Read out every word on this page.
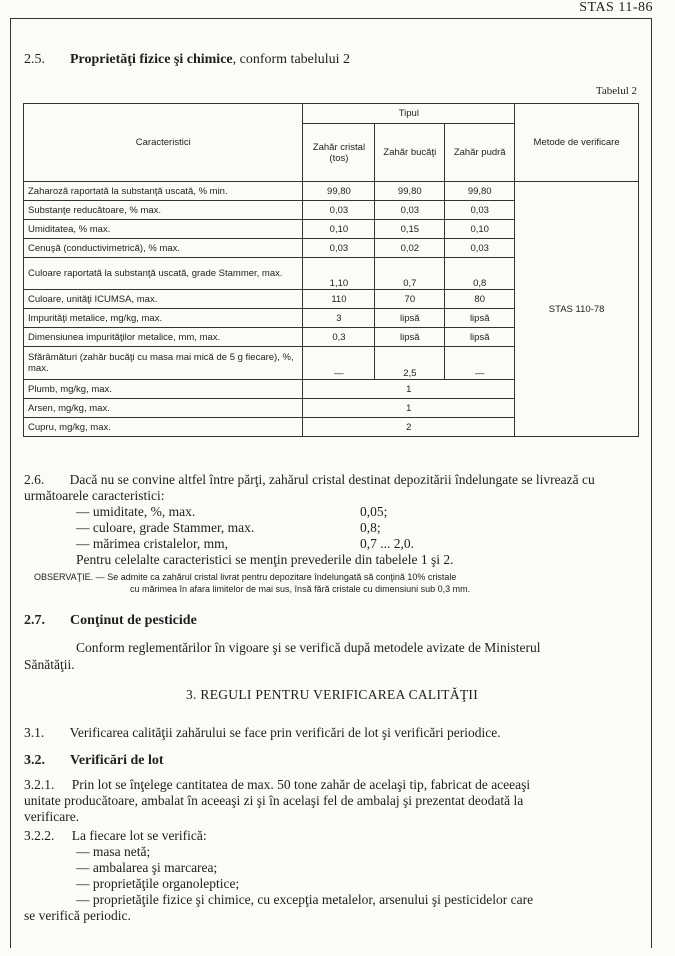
STAS 11-86
2.5. Proprietăţi fizice şi chimice, conform tabelului 2
Tabelul 2
Caracteristici	Tipul			Metode de verificare
	Zahăr cristal (tos)	Zahăr bucăţi	Zahăr pudră	
Zaharoză raportată la substanţă uscată, % min.	99,80	99,80	99,80	STAS 110-78
Substanţe reducătoare, % max.	0,03	0,03	0,03	
Umiditatea, % max.	0,10	0,15	0,10	
Cenuşă (conductivimetrică), % max.	0,03	0,02	0,03	
Culoare raportată la substanţă uscată, grade Stammer, max.	1,10	0,7	0,8	
Culoare, unităţi ICUMSA, max.	110	70	80	
Impurităţi metalice, mg/kg, max.	3	lipsă	lipsă	
Dimensiunea impurităţilor metalice, mm, max.	0,3	lipsă	lipsă	
Sfărâmături (zahăr bucăţi cu masa mai mică de 5 g fiecare), %, max.	—	2,5	—	
Plumb, mg/kg, max.	1			
Arsen, mg/kg, max.	1			
Cupru, mg/kg, max.	2			
2.6. Dacă nu se convine altfel între părţi, zahărul cristal destinat depozitării îndelungate se livrează cu următoarele caracteristici:
— umiditate, %, max.	0,05;
— culoare, grade Stammer, max.	0,8;
— mărimea cristalelor, mm,	0,7 ... 2,0.
Pentru celelalte caracteristici se menţin prevederile din tabelele 1 şi 2.
OBSERVAŢIE. — Se admite ca zahărul cristal livrat pentru depozitare îndelungată să conţină 10% cristale
cu mărimea în afara limitelor de mai sus, însă fără cristale cu dimensiuni sub 0,3 mm.
2.7. Conţinut de pesticide
Conform reglementărilor în vigoare şi se verifică după metodele avizate de Ministerul
Sănătăţii.
3. REGULI PENTRU VERIFICAREA CALITĂŢII
3.1. Verificarea calităţii zahărului se face prin verificări de lot şi verificări periodice.
3.2. Verificări de lot
3.2.1. Prin lot se înţelege cantitatea de max. 50 tone zahăr de acelaşi tip, fabricat de aceeaşi
unitate producătoare, ambalat în aceeaşi zi şi în acelaşi fel de ambalaj şi prezentat deodată la
verificare.
3.2.2. La fiecare lot se verifică:
— masa netă;
— ambalarea şi marcarea;
— proprietăţile organoleptice;
— proprietăţile fizice şi chimice, cu excepţia metalelor, arsenului şi pesticidelor care
se verifică periodic.
